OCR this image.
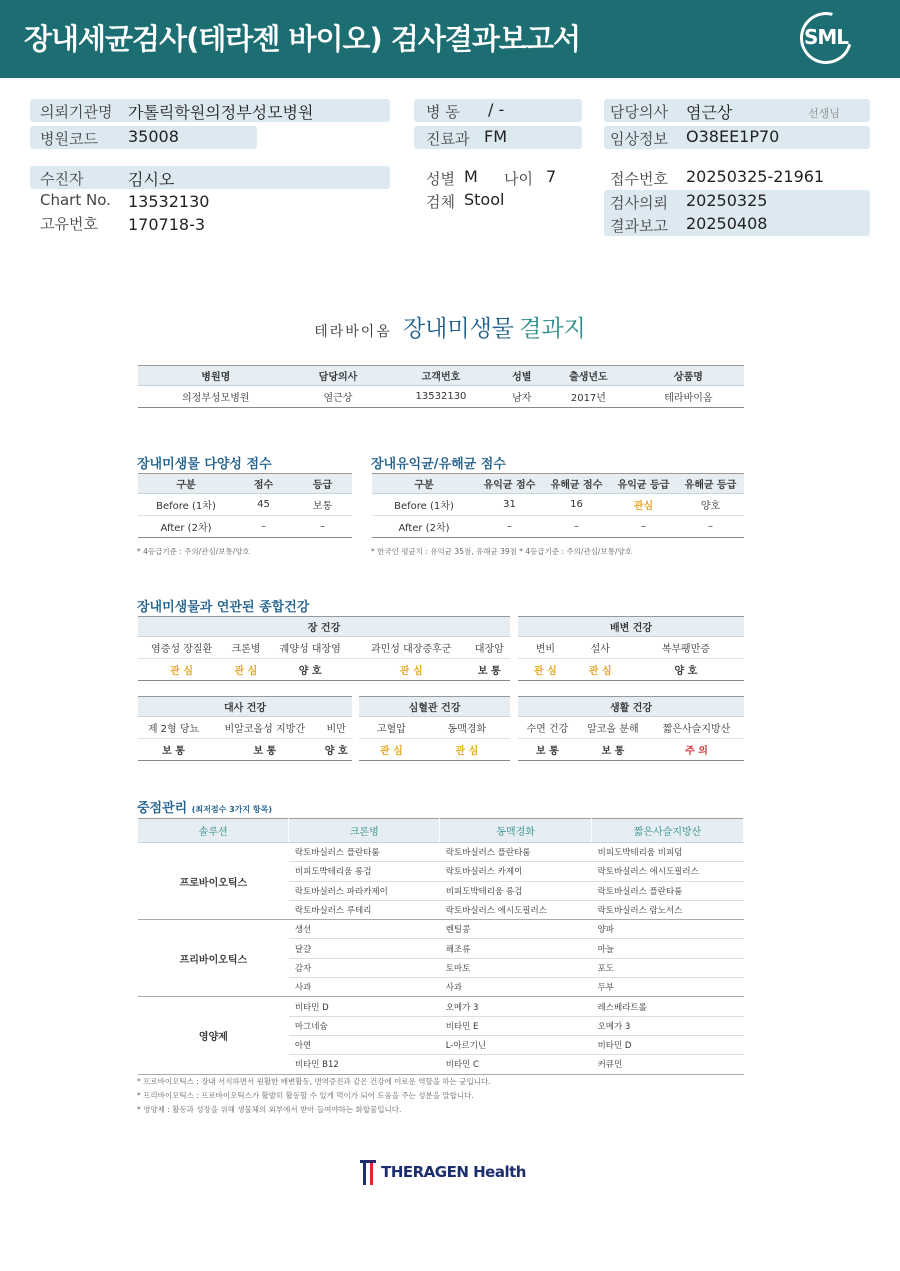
장내세균검사(테라젠 바이오) 검사결과보고서	SML
의뢰기관명 가톨릭학원의정부성모병원
병원코드 35008
병 동 / -
진료과 FM
담당의사 염근상	선생님
임상정보 O38EE1P70
수진자	김시오
Chart No. 13532130
고유번호 170718-3
성별 M 나이 7
검체 Stool
접수번호 20250325-21961
검사의뢰 20250325
결과보고 20250408
테라바이옴 장내미생물 결과지
병원명	담당의사	고객번호	성별	출생년도	상품명
의정부성모병원	염근상	13532130	남자	2017년	테라바이옴
장내미생물 다양성 점수
구분	점수	등급
Before (1차)	45	보통
After (2차)	–	–
* 4등급기준 : 주의/관심/보통/양호
장내유익균/유해균 점수
구분	유익균 점수	유해균 점수	유익균 등급	유해균 등급
Before (1차)	31	16	관심	양호
After (2차)	–	–	–	–
* 한국인 평균치 : 유익균 35점, 유해균 39점 * 4등급기준 : 주의/관심/보통/양호
장내미생물과 연관된 종합건강
장 건강				
염증성 장질환	크론병	궤양성 대장염	과민성 대장증후군	대장암
관 심	관 심	양 호	관 심	보 통
배변 건강		
변비	설사	복부팽만증
관 심	관 심	양 호
대사 건강		
제 2형 당뇨	비알코올성 지방간	비만
보 통	보 통	양 호
심혈관 건강	
고혈압	동맥경화
관 심	관 심
생활 건강		
수면 건강	알코올 분해	짧은사슬지방산
보 통	보 통	주 의
중점관리 (최저점수 3가지 항목)
솔루션	크론병	동맥경화	짧은사슬지방산
프로바이오틱스	락토바실러스 플란타룸	락토바실러스 플란타룸	비피도박테리움 비피덤
	비피도박테리움 롱검	락토바실러스 카제이	락토바실러스 애시도필러스
	락토바실러스 파라카제이	비피도박테리움 롱검	락토바실러스 플란타룸
	락토바실러스 루테리	락토바실러스 애시도필러스	락토바실러스 람노서스
프리바이오틱스	생선	렌틸콩	양파
	달걀	해조류	마늘
	감자	토마토	포도
	사과	사과	두부
영양제	비타민 D	오메가 3	레스베라트롤
	마그네슘	비타민 E	오메가 3
	아연	L-아르기닌	비타민 D
	비타민 B12	비타민 C	커큐민
* 프로바이오틱스 : 장내 서식하면서 원활한 배변활동, 면역증진과 같은 건강에 이로운 역할을 하는 균입니다.
* 프리바이오틱스 : 프로바이오틱스가 활발히 활동할 수 있게 먹이가 되어 도움을 주는 성분을 말합니다.
* 영양제 : 활동과 성장을 위해 생물체의 외부에서 받아 들여야하는 화합물입니다.
THERAGEN Health
